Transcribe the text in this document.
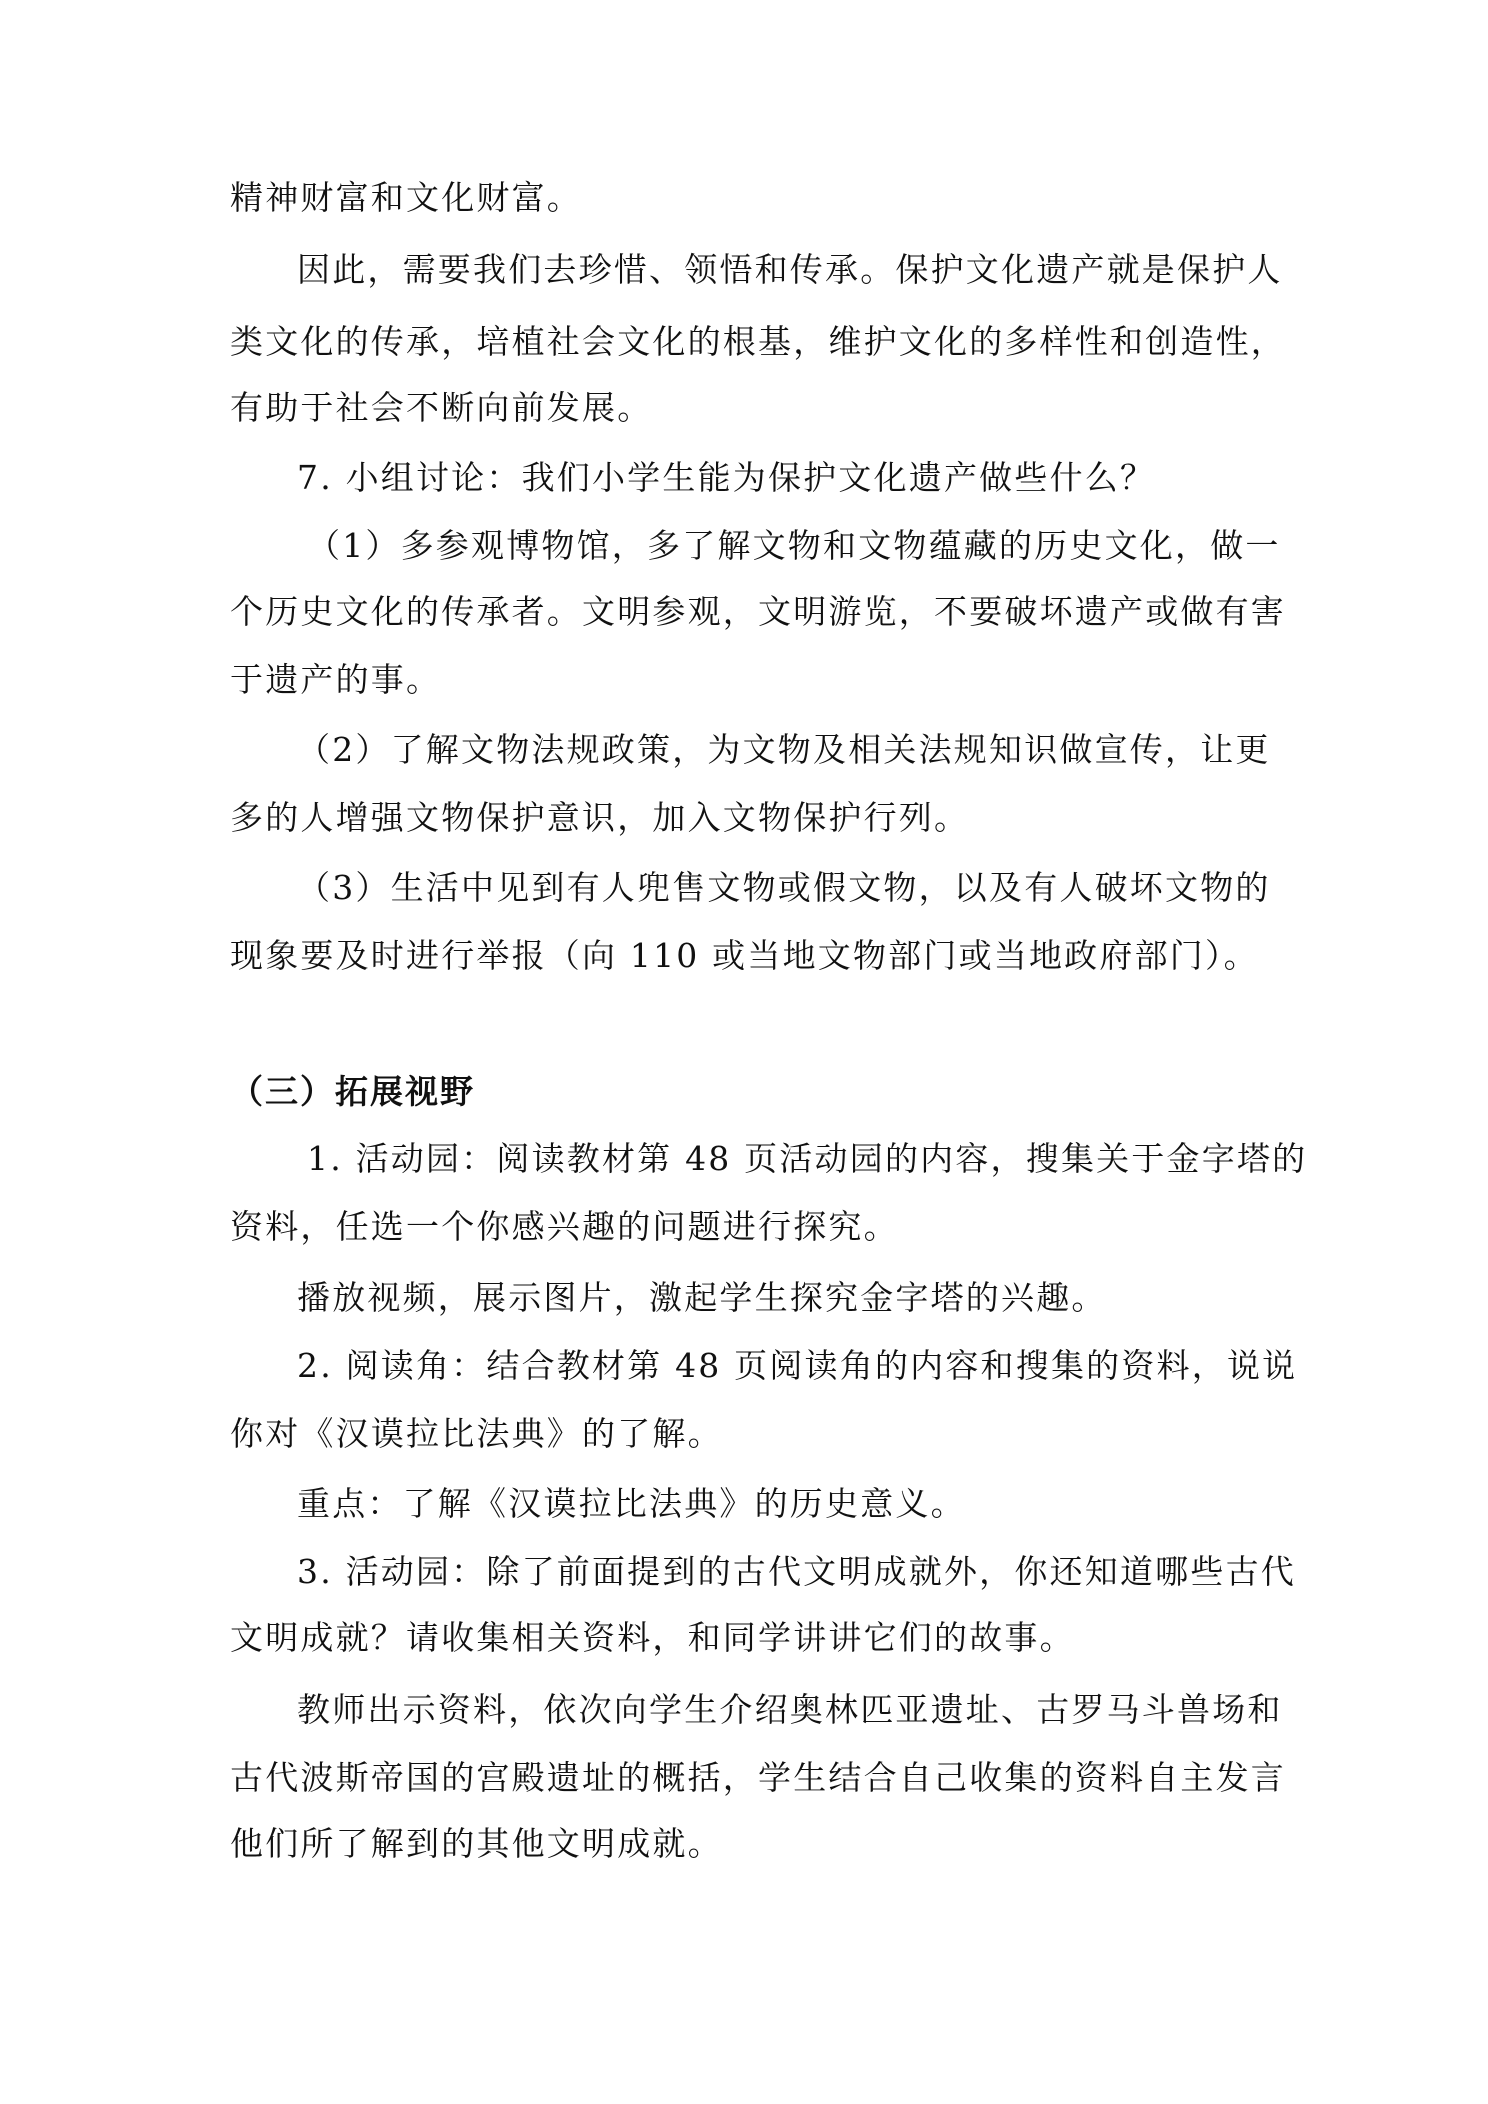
精神财富和文化财富。
因此，需要我们去珍惜、领悟和传承。保护文化遗产就是保护人
类文化的传承，培植社会文化的根基，维护文化的多样性和创造性，
有助于社会不断向前发展。
7. 小组讨论：我们小学生能为保护文化遗产做些什么？
（1）多参观博物馆，多了解文物和文物蕴藏的历史文化，做一
个历史文化的传承者。文明参观，文明游览，不要破坏遗产或做有害
于遗产的事。
（2）了解文物法规政策，为文物及相关法规知识做宣传，让更
多的人增强文物保护意识，加入文物保护行列。
（3）生活中见到有人兜售文物或假文物，以及有人破坏文物的
现象要及时进行举报（向 110 或当地文物部门或当地政府部门）。
（三）拓展视野
1. 活动园：阅读教材第 48 页活动园的内容，搜集关于金字塔的
资料，任选一个你感兴趣的问题进行探究。
播放视频，展示图片，激起学生探究金字塔的兴趣。
2. 阅读角：结合教材第 48 页阅读角的内容和搜集的资料，说说
你对《汉谟拉比法典》的了解。
重点：了解《汉谟拉比法典》的历史意义。
3. 活动园：除了前面提到的古代文明成就外，你还知道哪些古代
文明成就？请收集相关资料，和同学讲讲它们的故事。
教师出示资料，依次向学生介绍奥林匹亚遗址、古罗马斗兽场和
古代波斯帝国的宫殿遗址的概括，学生结合自己收集的资料自主发言
他们所了解到的其他文明成就。
